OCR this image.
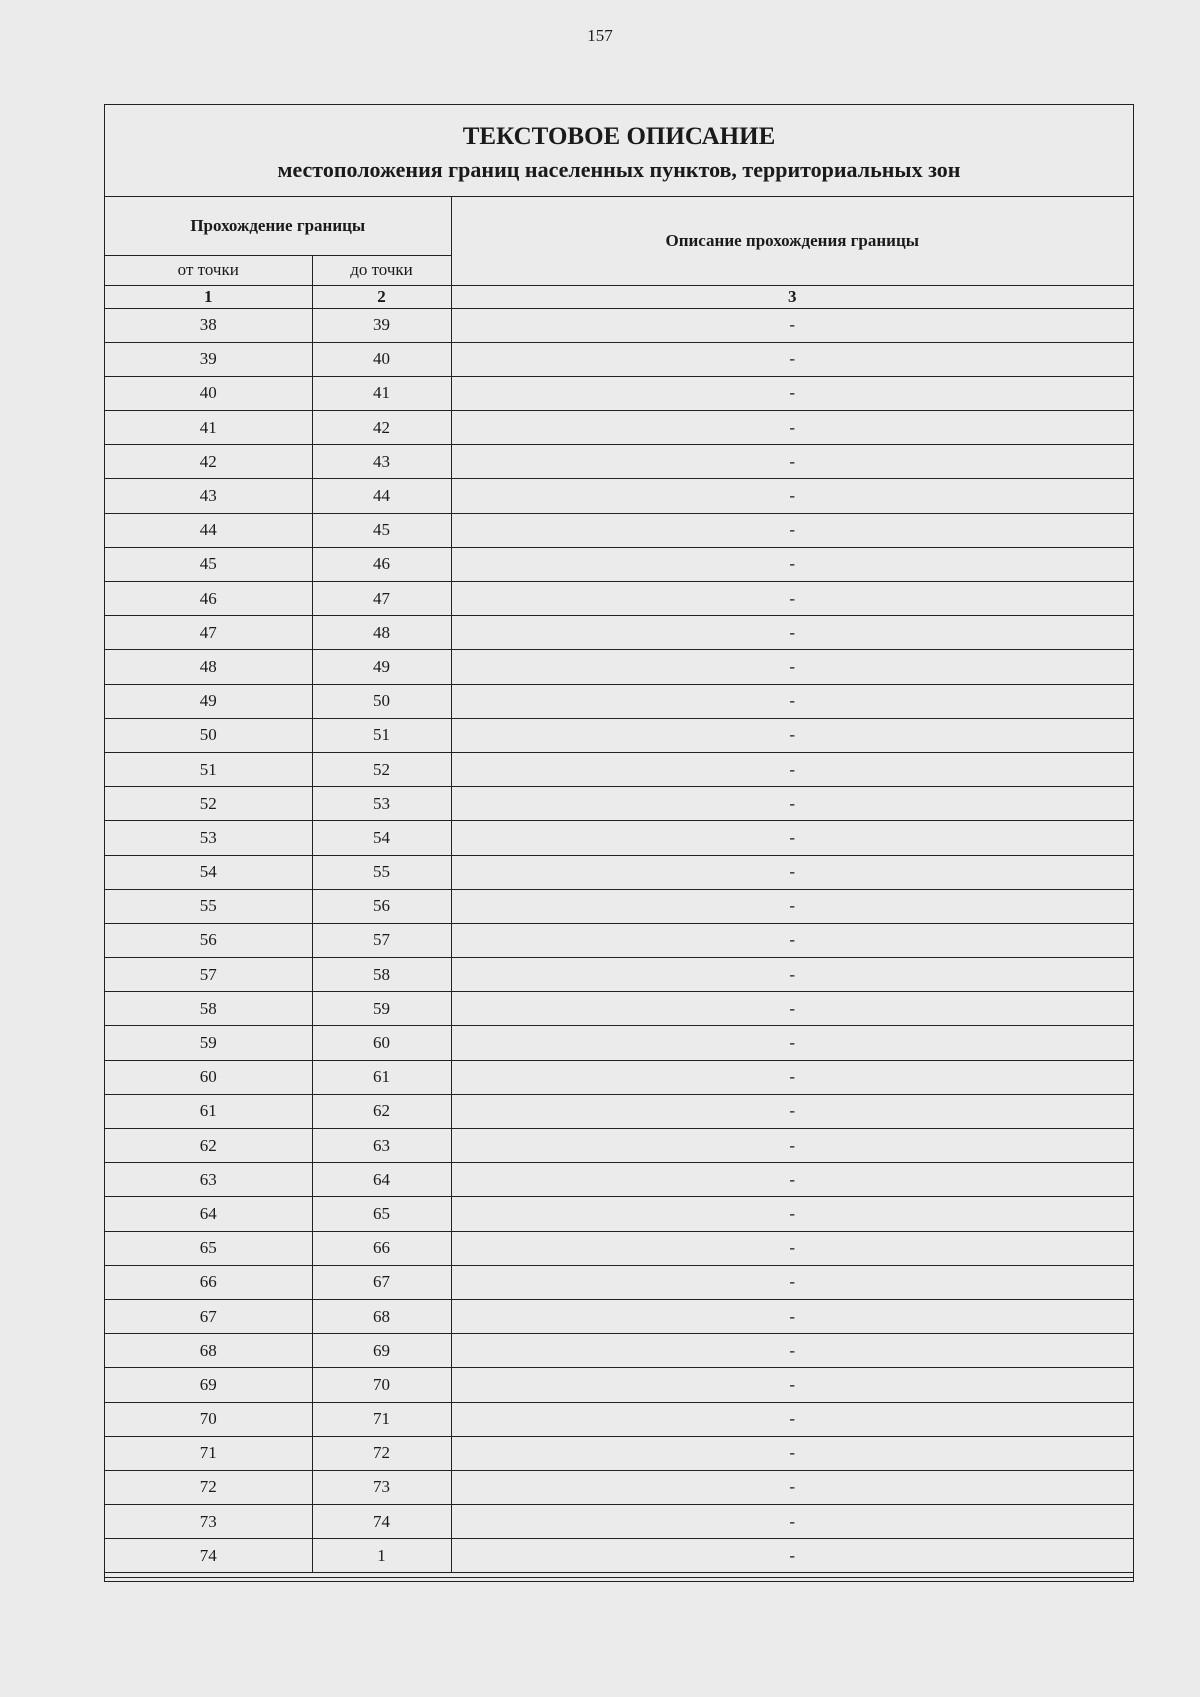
157
ТЕКСТОВОЕ ОПИСАНИЕ
местоположения границ населенных пунктов, территориальных зон
Прохождение границы		Описание прохождения границы
от точки	до точки	
1	2	3
38	39	-
39	40	-
40	41	-
41	42	-
42	43	-
43	44	-
44	45	-
45	46	-
46	47	-
47	48	-
48	49	-
49	50	-
50	51	-
51	52	-
52	53	-
53	54	-
54	55	-
55	56	-
56	57	-
57	58	-
58	59	-
59	60	-
60	61	-
61	62	-
62	63	-
63	64	-
64	65	-
65	66	-
66	67	-
67	68	-
68	69	-
69	70	-
70	71	-
71	72	-
72	73	-
73	74	-
74	1	-
